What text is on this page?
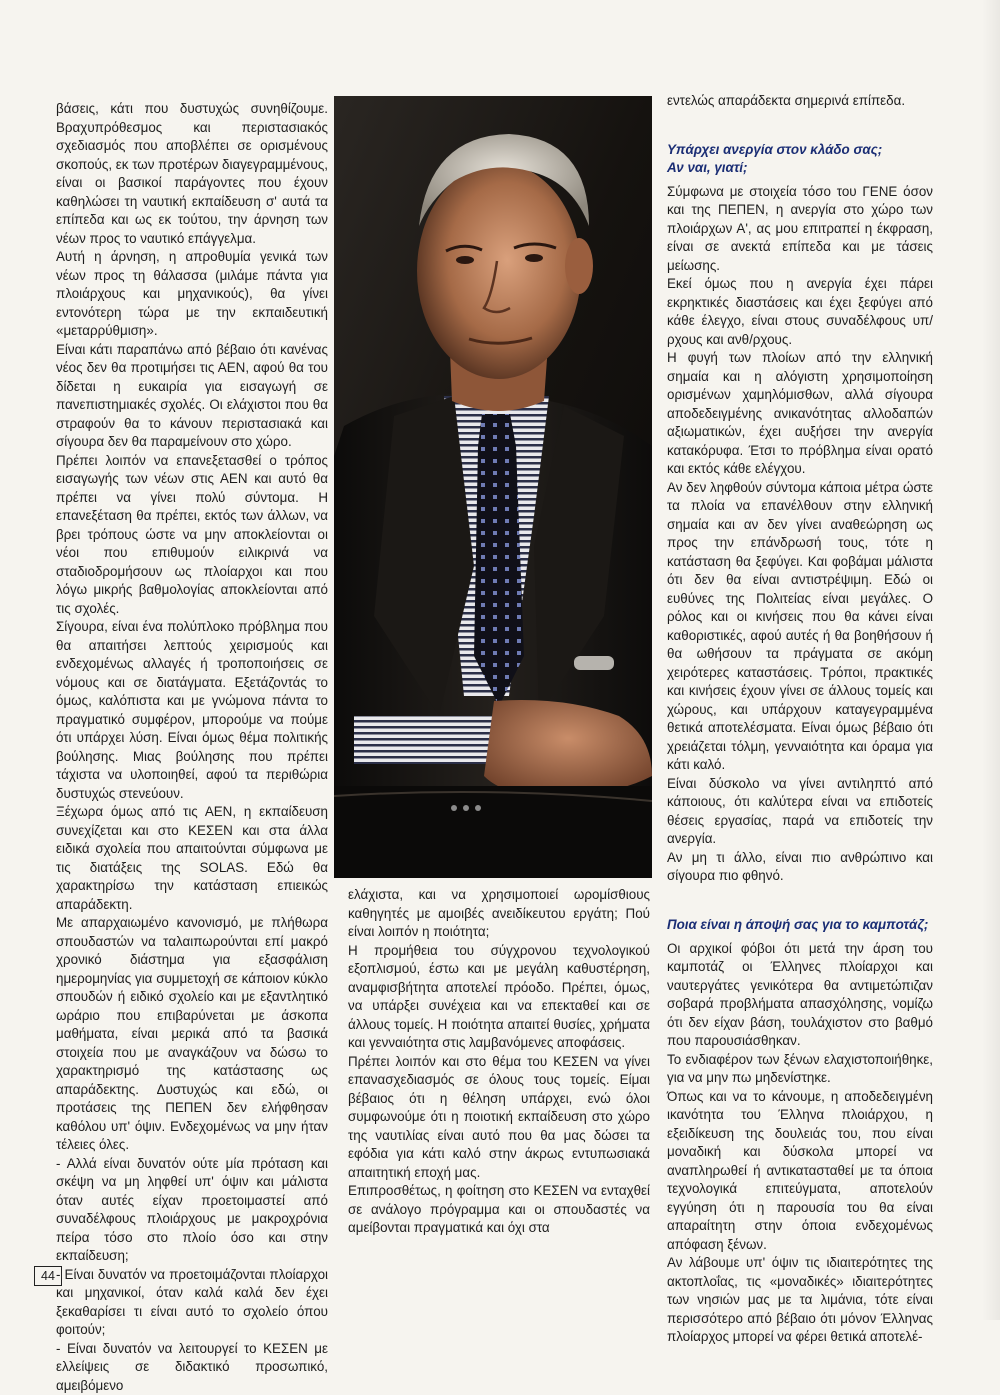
βάσεις, κάτι που δυστυχώς συνηθίζουμε. Βραχυπρόθεσμος και περιστασιακός σχεδιασμός που αποβλέπει σε ορισμένους σκοπούς, εκ των προτέρων διαγεγραμμένους, είναι οι βασικοί παράγοντες που έχουν καθηλώσει τη ναυτική εκπαίδευση σ' αυτά τα επίπεδα και ως εκ τούτου, την άρνηση των νέων προς το ναυτικό επάγγελμα.

Αυτή η άρνηση, η απροθυμία γενικά των νέων προς τη θάλασσα (μιλάμε πάντα για πλοιάρχους και μηχανικούς), θα γίνει εντονότερη τώρα με την εκπαιδευτική «μεταρρύθμιση».

Είναι κάτι παραπάνω από βέβαιο ότι κανένας νέος δεν θα προτιμήσει τις ΑΕΝ, αφού θα του δίδεται η ευκαιρία για εισαγωγή σε πανεπιστημιακές σχολές. Οι ελάχιστοι που θα στραφούν θα το κάνουν περιστασιακά και σίγουρα δεν θα παραμείνουν στο χώρο.

Πρέπει λοιπόν να επανεξετασθεί ο τρόπος εισαγωγής των νέων στις ΑΕΝ και αυτό θα πρέπει να γίνει πολύ σύντομα. Η επανεξέταση θα πρέπει, εκτός των άλλων, να βρει τρόπους ώστε να μην αποκλείονται οι νέοι που επιθυμούν ειλικρινά να σταδιοδρομήσουν ως πλοίαρχοι και που λόγω μικρής βαθμολογίας αποκλείονται από τις σχολές.

Σίγουρα, είναι ένα πολύπλοκο πρόβλημα που θα απαιτήσει λεπτούς χειρισμούς και ενδεχομένως αλλαγές ή τροποποιήσεις σε νόμους και σε διατάγματα. Εξετάζοντάς το όμως, καλόπιστα και με γνώμονα πάντα το πραγματικό συμφέρον, μπορούμε να πούμε ότι υπάρχει λύση. Είναι όμως θέμα πολιτικής βούλησης. Μιας βούλησης που πρέπει τάχιστα να υλοποιηθεί, αφού τα περιθώρια δυστυχώς στενεύουν.

Ξέχωρα όμως από τις ΑΕΝ, η εκπαίδευση συνεχίζεται και στο ΚΕΣΕΝ και στα άλλα ειδικά σχολεία που απαιτούνται σύμφωνα με τις διατάξεις της SOLAS. Εδώ θα χαρακτηρίσω την κατάσταση επιεικώς απαράδεκτη.

Με απαρχαιωμένο κανονισμό, με πλήθωρα σπουδαστών να ταλαιπωρούνται επί μακρό χρονικό διάστημα για εξασφάλιση ημερομηνίας για συμμετοχή σε κάποιον κύκλο σπουδών ή ειδικό σχολείο και με εξαντλητικό ωράριο που επιβαρύνεται με άσκοπα μαθήματα, είναι μερικά από τα βασικά στοιχεία που με αναγκάζουν να δώσω το χαρακτηρισμό της κατάστασης ως απαράδεκτης. Δυστυχώς και εδώ, οι προτάσεις της ΠΕΠΕΝ δεν ελήφθησαν καθόλου υπ' όψιν. Ενδεχομένως να μην ήταν τέλειες όλες.

- Αλλά είναι δυνατόν ούτε μία πρόταση και σκέψη να μη ληφθεί υπ' όψιν και μάλιστα όταν αυτές είχαν προετοιμαστεί από συναδέλφους πλοιάρχους με μακροχρόνια πείρα τόσο στο πλοίο όσο και στην εκπαίδευση;

- Είναι δυνατόν να προετοιμάζονται πλοίαρχοι και μηχανικοί, όταν καλά καλά δεν έχει ξεκαθαρίσει τι είναι αυτό το σχολείο όπου φοιτούν;

- Είναι δυνατόν να λειτουργεί το ΚΕΣΕΝ με ελλείψεις σε διδακτικό προσωπικό, αμειβόμενο

ελάχιστα, και να χρησιμοποιεί ωρομίσθιους καθηγητές με αμοιβές ανειδίκευτου εργάτη; Πού είναι λοιπόν η ποιότητα;

Η προμήθεια του σύγχρονου τεχνολογικού εξοπλισμού, έστω και με μεγάλη καθυστέρηση, αναμφισβήτητα αποτελεί πρόοδο. Πρέπει, όμως, να υπάρξει συνέχεια και να επεκταθεί και σε άλλους τομείς. Η ποιότητα απαιτεί θυσίες, χρήματα και γενναιότητα στις λαμβανόμενες αποφάσεις.

Πρέπει λοιπόν και στο θέμα του ΚΕΣΕΝ να γίνει επανασχεδιασμός σε όλους τους τομείς. Είμαι βέβαιος ότι η θέληση υπάρχει, ενώ όλοι συμφωνούμε ότι η ποιοτική εκπαίδευση στο χώρο της ναυτιλίας είναι αυτό που θα μας δώσει τα εφόδια για κάτι καλό στην άκρως εντυπωσιακά απαιτητική εποχή μας.

Επιπροσθέτως, η φοίτηση στο ΚΕΣΕΝ να ενταχθεί σε ανάλογο πρόγραμμα και οι σπουδαστές να αμείβονται πραγματικά και όχι στα

εντελώς απαράδεκτα σημερινά επίπεδα.

Υπάρχει ανεργία στον κλάδο σας;
Αν ναι, γιατί;

Σύμφωνα με στοιχεία τόσο του ΓΕΝΕ όσον και της ΠΕΠΕΝ, η ανεργία στο χώρο των πλοιάρχων Α', ας μου επιτραπεί η έκφραση, είναι σε ανεκτά επίπεδα και με τάσεις μείωσης.

Εκεί όμως που η ανεργία έχει πάρει εκρηκτικές διαστάσεις και έχει ξεφύγει από κάθε έλεγχο, είναι στους συναδέλφους υπ/ρχους και ανθ/ρχους.

Η φυγή των πλοίων από την ελληνική σημαία και η αλόγιστη χρησιμοποίηση ορισμένων χαμηλόμισθων, αλλά σίγουρα αποδεδειγμένης ανικανότητας αλλοδαπών αξιωματικών, έχει αυξήσει την ανεργία κατακόρυφα. Έτσι το πρόβλημα είναι ορατό και εκτός κάθε ελέγχου.

Αν δεν ληφθούν σύντομα κάποια μέτρα ώστε τα πλοία να επανέλθουν στην ελληνική σημαία και αν δεν γίνει αναθεώρηση ως προς την επάνδρωσή τους, τότε η κατάσταση θα ξεφύγει. Και φοβάμαι μάλιστα ότι δεν θα είναι αντιστρέψιμη. Εδώ οι ευθύνες της Πολιτείας είναι μεγάλες. Ο ρόλος και οι κινήσεις που θα κάνει είναι καθοριστικές, αφού αυτές ή θα βοηθήσουν ή θα ωθήσουν τα πράγματα σε ακόμη χειρότερες καταστάσεις. Τρόποι, πρακτικές και κινήσεις έχουν γίνει σε άλλους τομείς και χώρους, και υπάρχουν καταγεγραμμένα θετικά αποτελέσματα. Είναι όμως βέβαιο ότι χρειάζεται τόλμη, γενναιότητα και όραμα για κάτι καλό.

Είναι δύσκολο να γίνει αντιληπτό από κάποιους, ότι καλύτερα είναι να επιδοτείς θέσεις εργασίας, παρά να επιδοτείς την ανεργία.

Αν μη τι άλλο, είναι πιο ανθρώπινο και σίγουρα πιο φθηνό.

Ποια είναι η άποψή σας για το καμποτάζ;

Οι αρχικοί φόβοι ότι μετά την άρση του καμποτάζ οι Έλληνες πλοίαρχοι και ναυτεργάτες γενικότερα θα αντιμετώπιζαν σοβαρά προβλήματα απασχόλησης, νομίζω ότι δεν είχαν βάση, τουλάχιστον στο βαθμό που παρουσιάσθηκαν.

Το ενδιαφέρον των ξένων ελαχιστοποιήθηκε, για να μην πω μηδενίστηκε.

Όπως και να το κάνουμε, η αποδεδειγμένη ικανότητα του Έλληνα πλοιάρχου, η εξειδίκευση της δουλειάς του, που είναι μοναδική και δύσκολα μπορεί να αναπληρωθεί ή αντικατασταθεί με τα όποια τεχνολογικά επιτεύγματα, αποτελούν εγγύηση ότι η παρουσία του θα είναι απαραίτητη στην όποια ενδεχομένως απόφαση ξένων.

Αν λάβουμε υπ' όψιν τις ιδιαιτερότητες της ακτοπλοΐας, τις «μοναδικές» ιδιαιτερότητες των νησιών μας με τα λιμάνια, τότε είναι περισσότερο από βέβαιο ότι μόνον Έλληνας πλοίαρχος μπορεί να φέρει θετικά αποτελέ-

44
